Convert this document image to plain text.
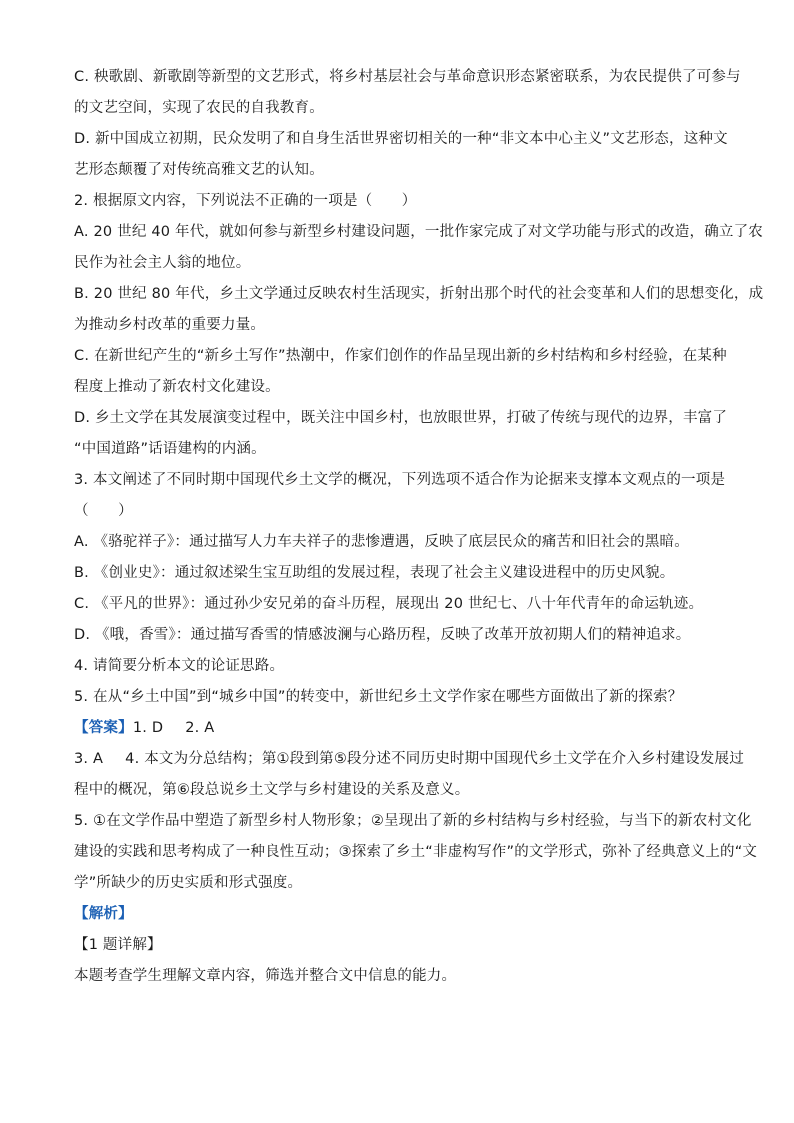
C. 秧歌剧、新歌剧等新型的文艺形式，将乡村基层社会与革命意识形态紧密联系，为农民提供了可参与
的文艺空间，实现了农民的自我教育。
D. 新中国成立初期，民众发明了和自身生活世界密切相关的一种“非文本中心主义”文艺形态，这种文
艺形态颠覆了对传统高雅文艺的认知。
2. 根据原文内容，下列说法不正确的一项是（　　）
A. 20 世纪 40 年代，就如何参与新型乡村建设问题，一批作家完成了对文学功能与形式的改造，确立了农
民作为社会主人翁的地位。
B. 20 世纪 80 年代，乡土文学通过反映农村生活现实，折射出那个时代的社会变革和人们的思想变化，成
为推动乡村改革的重要力量。
C. 在新世纪产生的“新乡土写作”热潮中，作家们创作的作品呈现出新的乡村结构和乡村经验，在某种
程度上推动了新农村文化建设。
D. 乡土文学在其发展演变过程中，既关注中国乡村，也放眼世界，打破了传统与现代的边界，丰富了
“中国道路”话语建构的内涵。
3. 本文阐述了不同时期中国现代乡土文学的概况，下列选项不适合作为论据来支撑本文观点的一项是
（　　）
A. 《骆驼祥子》：通过描写人力车夫祥子的悲惨遭遇，反映了底层民众的痛苦和旧社会的黑暗。
B. 《创业史》：通过叙述梁生宝互助组的发展过程，表现了社会主义建设进程中的历史风貌。
C. 《平凡的世界》：通过孙少安兄弟的奋斗历程，展现出 20 世纪七、八十年代青年的命运轨迹。
D. 《哦，香雪》：通过描写香雪的情感波澜与心路历程，反映了改革开放初期人们的精神追求。
4. 请简要分析本文的论证思路。
5. 在从“乡土中国”到“城乡中国”的转变中，新世纪乡土文学作家在哪些方面做出了新的探索？
【答案】1. D 2. A
3. A 4. 本文为分总结构；第①段到第⑤段分述不同历史时期中国现代乡土文学在介入乡村建设发展过
程中的概况，第⑥段总说乡土文学与乡村建设的关系及意义。
5. ①在文学作品中塑造了新型乡村人物形象；②呈现出了新的乡村结构与乡村经验，与当下的新农村文化
建设的实践和思考构成了一种良性互动；③探索了乡土“非虚构写作”的文学形式，弥补了经典意义上的“文
学”所缺少的历史实质和形式强度。
【解析】
【1 题详解】
本题考查学生理解文章内容，筛选并整合文中信息的能力。
